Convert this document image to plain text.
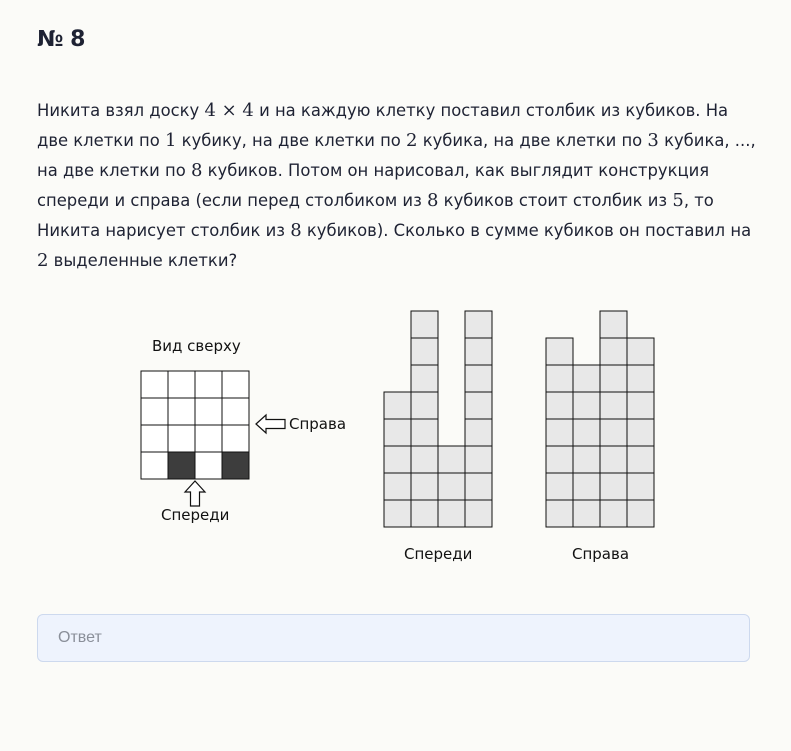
№ 8
Никита взял доску 4 × 4 и на каждую клетку поставил столбик из кубиков. На две клетки по 1 кубику, на две клетки по 2 кубика, на две клетки по 3 кубика, ..., на две клетки по 8 кубиков. Потом он нарисовал, как выглядит конструкция спереди и справа (если перед столбиком из 8 кубиков стоит столбик из 5, то Никита нарисует столбик из 8 кубиков). Сколько в сумме кубиков он поставил на 2 выделенные клетки?
Вид сверху
Справа
Спереди
Спереди	Справа
Ответ
